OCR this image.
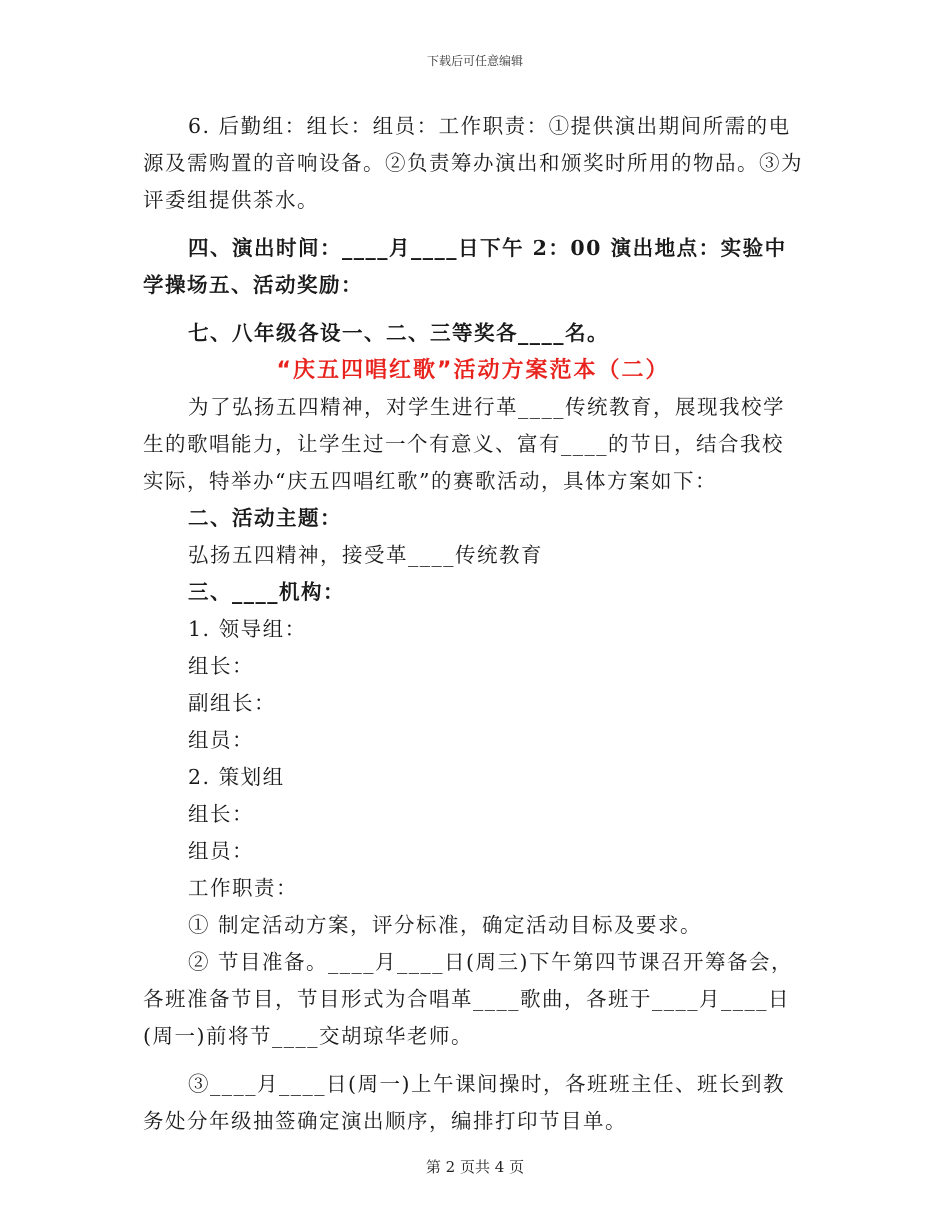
下载后可任意编辑

6. 后勤组：组长：组员：工作职责：①提供演出期间所需的电源及需购置的音响设备。②负责筹办演出和颁奖时所用的物品。③为评委组提供茶水。

四、演出时间：____月____日下午 2：00 演出地点：实验中学操场五、活动奖励：

七、八年级各设一、二、三等奖各____名。

“庆五四唱红歌”活动方案范本（二）

为了弘扬五四精神，对学生进行革____传统教育，展现我校学生的歌唱能力，让学生过一个有意义、富有____的节日，结合我校实际，特举办“庆五四唱红歌”的赛歌活动，具体方案如下：

二、活动主题：

弘扬五四精神，接受革____传统教育

三、____机构：

1. 领导组：

组长：

副组长：

组员：

2. 策划组

组长：

组员：

工作职责：

① 制定活动方案，评分标准，确定活动目标及要求。

② 节目准备。____月____日(周三)下午第四节课召开筹备会，各班准备节目，节目形式为合唱革____歌曲，各班于____月____日(周一)前将节____交胡琼华老师。

③____月____日(周一)上午课间操时，各班班主任、班长到教务处分年级抽签确定演出顺序，编排打印节目单。

第 2 页共 4 页
